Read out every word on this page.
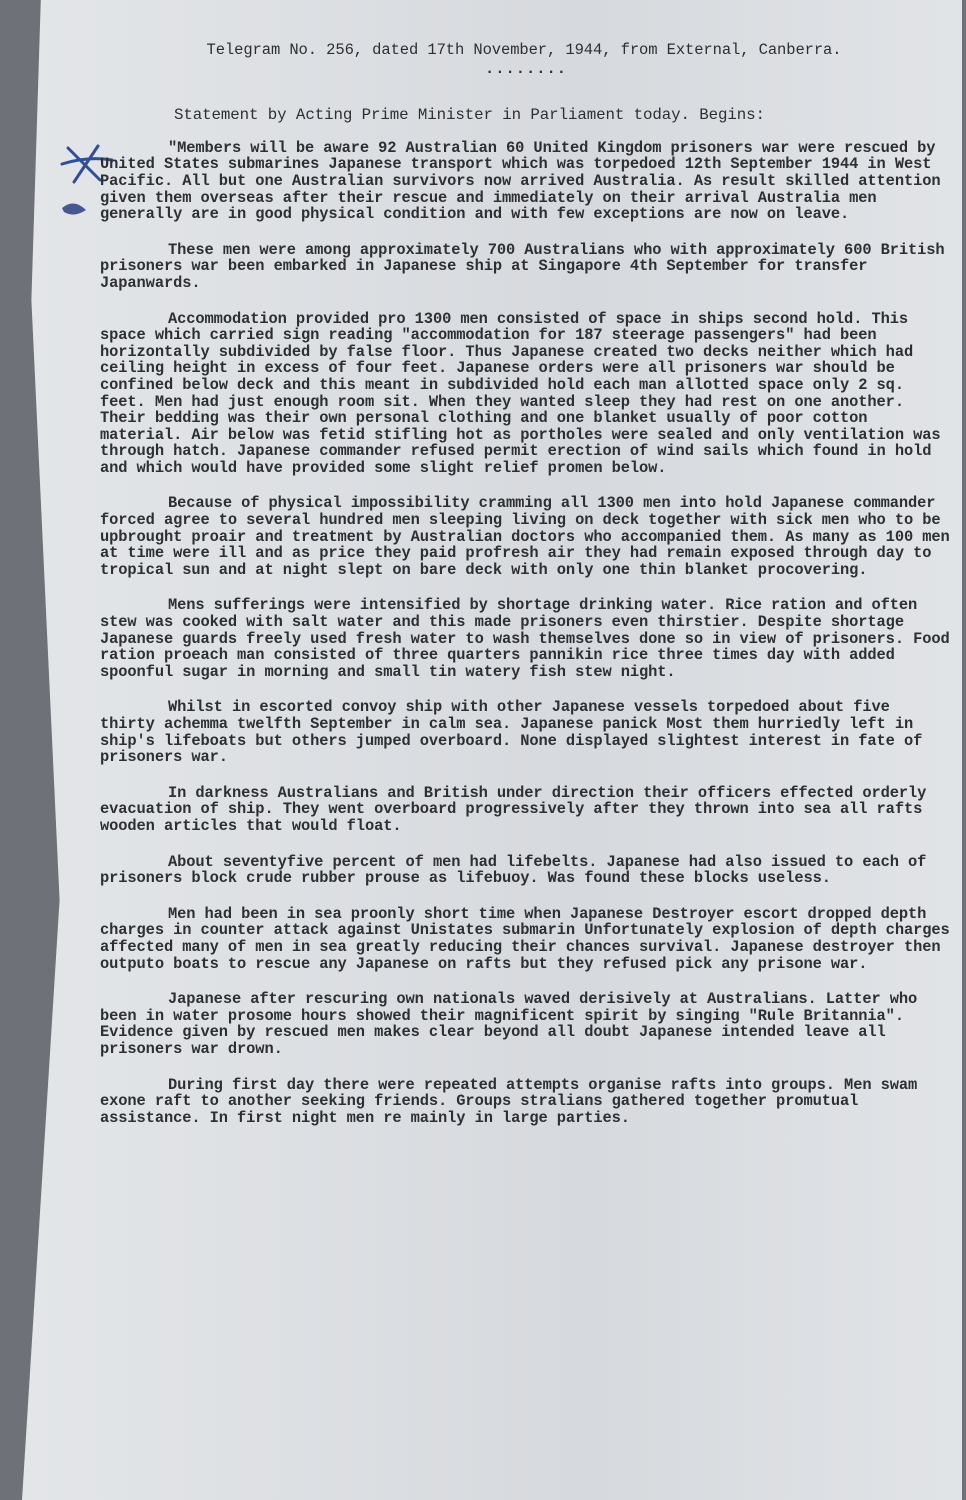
Telegram No. 256, dated 17th November, 1944, from External, Canberra.
........
Statement by Acting Prime Minister in Parliament today. Begins:
"Members will be aware 92 Australian 60 United Kingdom prisoners war were rescued by United States submarines Japanese transport which was torpedoed 12th September 1944 in West Pacific. All but one Australian survivors now arrived Australia. As result skilled attention given them overseas after their rescue and immediately on their arrival Australia men generally are in good physical condition and with few exceptions are now on leave.
These men were among approximately 700 Australians who with approximately 600 British prisoners war been embarked in Japanese ship at Singapore 4th September for transfer Japanwards.
Accommodation provided pro 1300 men consisted of space in ships second hold. This space which carried sign reading "accommodation for 187 steerage passengers" had been horizontally subdivided by false floor. Thus Japanese created two decks neither which had ceiling height in excess of four feet. Japanese orders were all prisoners war should be confined below deck and this meant in subdivided hold each man allotted space only 2 sq. feet. Men had just enough room sit. When they wanted sleep they had rest on one another. Their bedding was their own personal clothing and one blanket usually of poor cotton material. Air below was fetid stifling hot as portholes were sealed and only ventilation was through hatch. Japanese commander refused permit erection of wind sails which found in hold and which would have provided some slight relief promen below.
Because of physical impossibility cramming all 1300 men into hold Japanese commander forced agree to several hundred men sleeping living on deck together with sick men who to be upbrought proair and treatment by Australian doctors who accompanied them. As many as 100 men at time were ill and as price they paid profresh air they had remain exposed through day to tropical sun and at night slept on bare deck with only one thin blanket procovering.
Mens sufferings were intensified by shortage drinking water. Rice ration and often stew was cooked with salt water and this made prisoners even thirstier. Despite shortage Japanese guards freely used fresh water to wash themselves done so in view of prisoners. Food ration proeach man consisted of three quarters pannikin rice three times day with added spoonful sugar in morning and small tin watery fish stew night.
Whilst in escorted convoy ship with other Japanese vessels torpedoed about five thirty achemma twelfth September in calm sea. Japanese panick Most them hurriedly left in ship's lifeboats but others jumped overboard. None displayed slightest interest in fate of prisoners war.
In darkness Australians and British under direction their officers effected orderly evacuation of ship. They went overboard progressively after they thrown into sea all rafts wooden articles that would float.
About seventyfive percent of men had lifebelts. Japanese had also issued to each of prisoners block crude rubber prouse as lifebuoy. Was found these blocks useless.
Men had been in sea proonly short time when Japanese Destroyer escort dropped depth charges in counter attack against Unistates submarin Unfortunately explosion of depth charges affected many of men in sea greatly reducing their chances survival. Japanese destroyer then outputo boats to rescue any Japanese on rafts but they refused pick any prisone war.
Japanese after rescuring own nationals waved derisively at Australians. Latter who been in water prosome hours showed their magnificent spirit by singing "Rule Britannia". Evidence given by rescued men makes clear beyond all doubt Japanese intended leave all prisoners war drown.
During first day there were repeated attempts organise rafts into groups. Men swam exone raft to another seeking friends. Groups stralians gathered together promutual assistance. In first night men re mainly in large parties.
